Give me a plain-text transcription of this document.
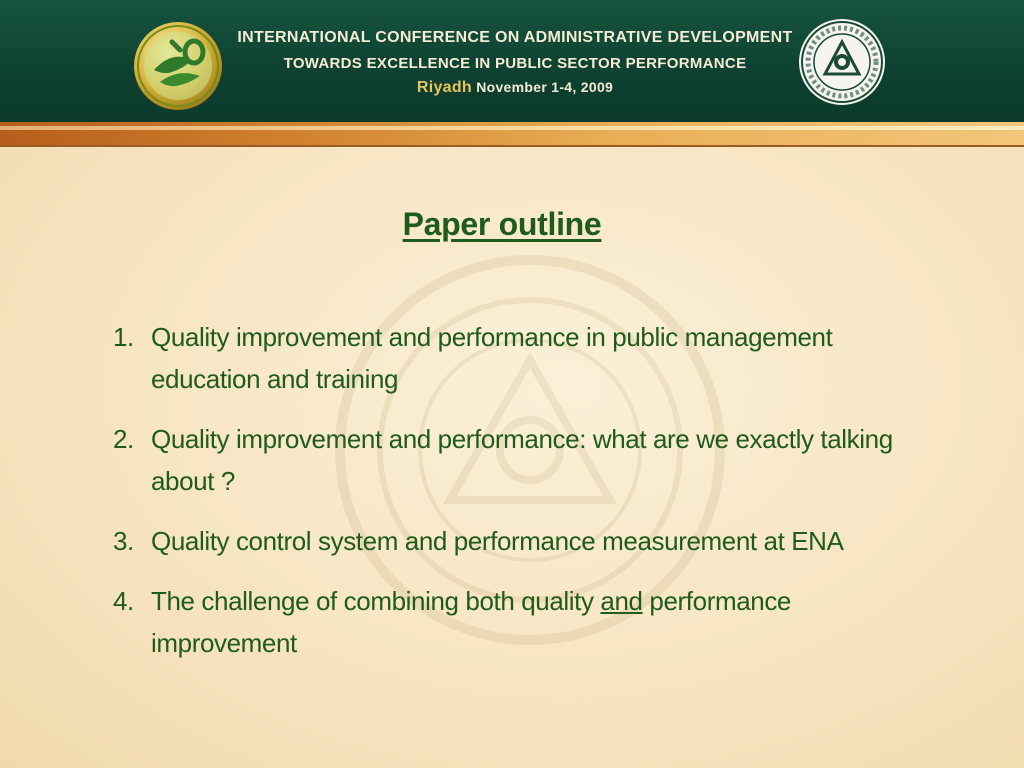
INTERNATIONAL CONFERENCE ON ADMINISTRATIVE DEVELOPMENT
TOWARDS EXCELLENCE IN PUBLIC SECTOR PERFORMANCE
Riyadh November 1-4, 2009
Paper outline
1. Quality improvement and performance in public management education and training
2. Quality improvement and performance: what are we exactly talking about ?
3. Quality control system and performance measurement at ENA
4. The challenge of combining both quality and performance improvement
